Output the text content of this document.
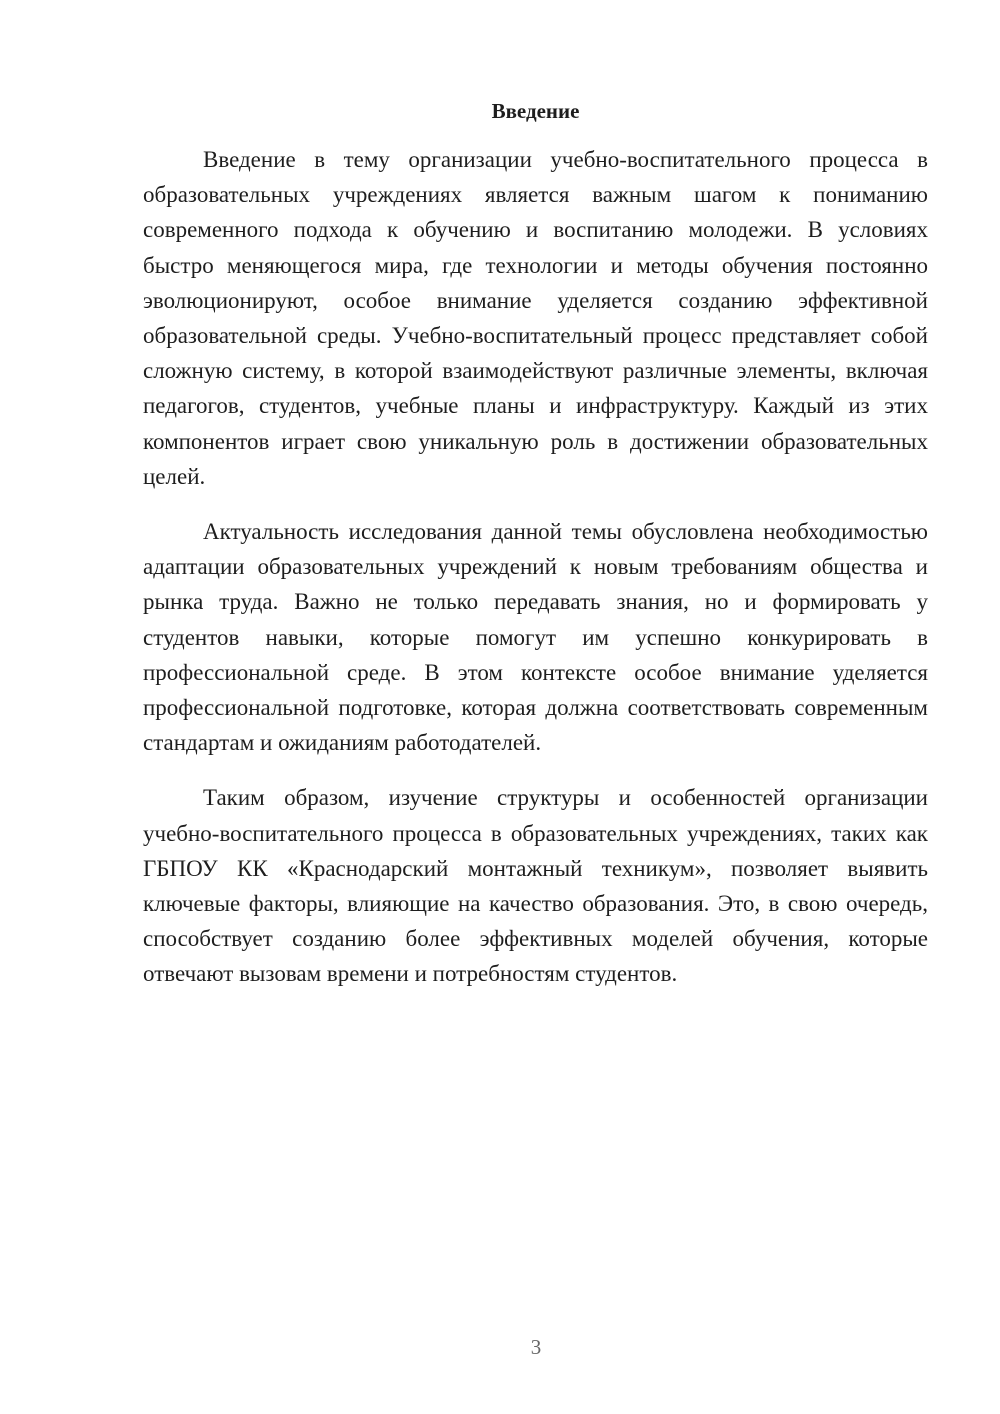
Введение

Введение в тему организации учебно-воспитательного процесса в образовательных учреждениях является важным шагом к пониманию современного подхода к обучению и воспитанию молодежи. В условиях быстро меняющегося мира, где технологии и методы обучения постоянно эволюционируют, особое внимание уделяется созданию эффективной образовательной среды. Учебно-воспитательный процесс представляет собой сложную систему, в которой взаимодействуют различные элементы, включая педагогов, студентов, учебные планы и инфраструктуру. Каждый из этих компонентов играет свою уникальную роль в достижении образовательных целей.

Актуальность исследования данной темы обусловлена необходимостью адаптации образовательных учреждений к новым требованиям общества и рынка труда. Важно не только передавать знания, но и формировать у студентов навыки, которые помогут им успешно конкурировать в профессиональной среде. В этом контексте особое внимание уделяется профессиональной подготовке, которая должна соответствовать современным стандартам и ожиданиям работодателей.

Таким образом, изучение структуры и особенностей организации учебно-воспитательного процесса в образовательных учреждениях, таких как ГБПОУ КК «Краснодарский монтажный техникум», позволяет выявить ключевые факторы, влияющие на качество образования. Это, в свою очередь, способствует созданию более эффективных моделей обучения, которые отвечают вызовам времени и потребностям студентов.

3
